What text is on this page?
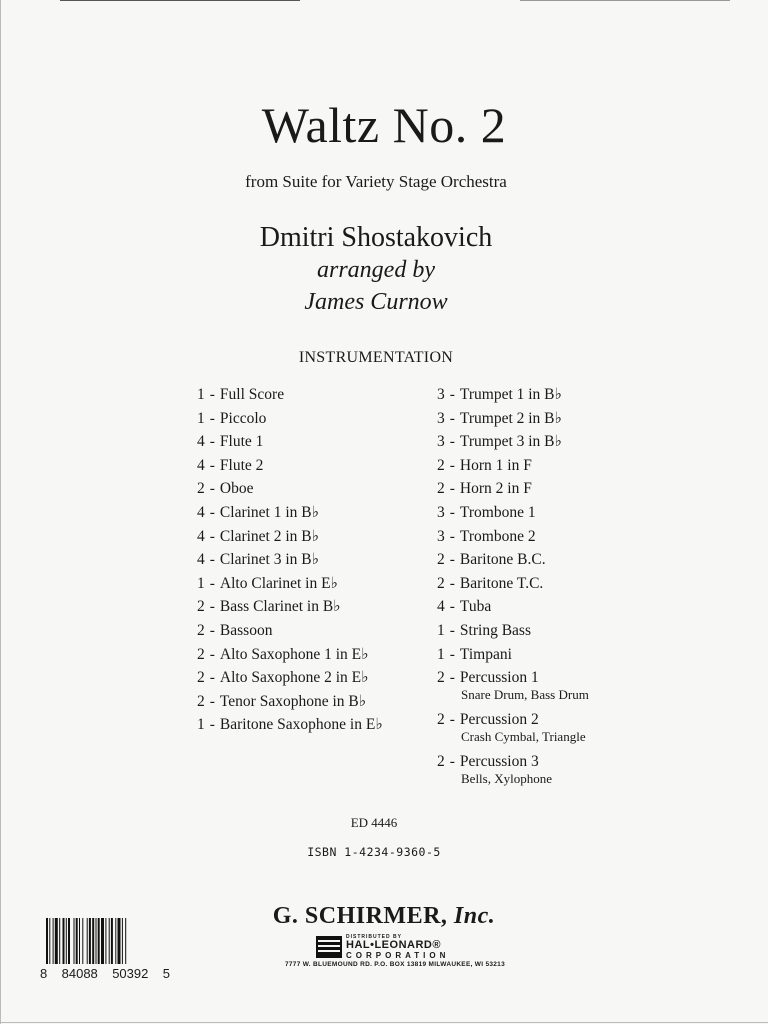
Waltz No. 2
from Suite for Variety Stage Orchestra
Dmitri Shostakovich
arranged by
James Curnow
INSTRUMENTATION
1 - Full Score
1 - Piccolo
4 - Flute 1
4 - Flute 2
2 - Oboe
4 - Clarinet 1 in B♭
4 - Clarinet 2 in B♭
4 - Clarinet 3 in B♭
1 - Alto Clarinet in E♭
2 - Bass Clarinet in B♭
2 - Bassoon
2 - Alto Saxophone 1 in E♭
2 - Alto Saxophone 2 in E♭
2 - Tenor Saxophone in B♭
1 - Baritone Saxophone in E♭
3 - Trumpet 1 in B♭
3 - Trumpet 2 in B♭
3 - Trumpet 3 in B♭
2 - Horn 1 in F
2 - Horn 2 in F
3 - Trombone 1
3 - Trombone 2
2 - Baritone B.C.
2 - Baritone T.C.
4 - Tuba
1 - String Bass
1 - Timpani
2 - Percussion 1
Snare Drum, Bass Drum
2 - Percussion 2
Crash Cymbal, Triangle
2 - Percussion 3
Bells, Xylophone
ED 4446
ISBN 1-4234-9360-5
G. SCHIRMER, Inc.
DISTRIBUTED BY
HAL•LEONARD®
CORPORATION
7777 W. BLUEMOUND RD. P.O. BOX 13819 MILWAUKEE, WI 53213
8 84088 50392 5
